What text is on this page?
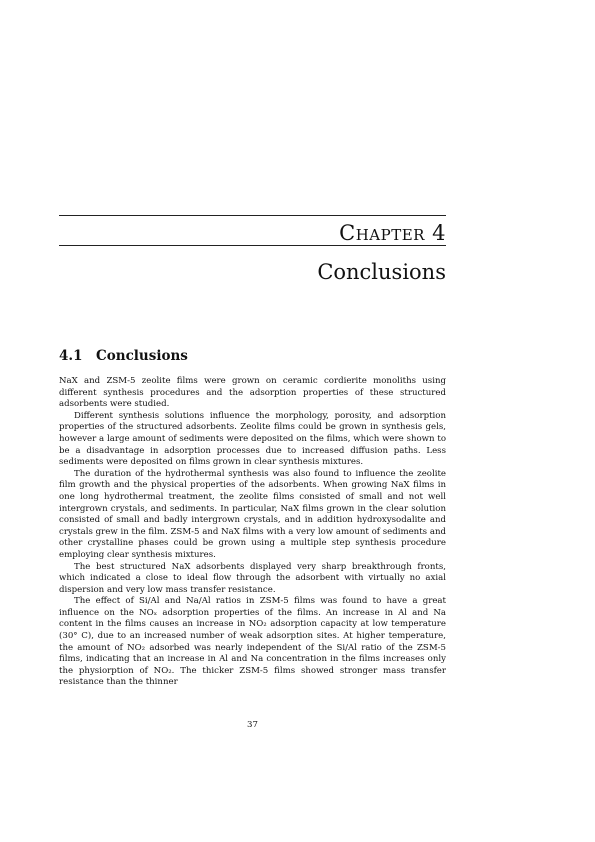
Chapter 4
Conclusions
4.1 Conclusions

NaX and ZSM-5 zeolite films were grown on ceramic cordierite monoliths using different synthesis procedures and the adsorption properties of these structured adsorbents were studied.

Different synthesis solutions influence the morphology, porosity, and adsorption properties of the structured adsorbents. Zeolite films could be grown in synthesis gels, however a large amount of sediments were deposited on the films, which were shown to be a disadvantage in adsorption processes due to increased diffusion paths. Less sediments were deposited on films grown in clear synthesis mixtures.

The duration of the hydrothermal synthesis was also found to influence the zeolite film growth and the physical properties of the adsorbents. When growing NaX films in one long hydrothermal treatment, the zeolite films consisted of small and not well intergrown crystals, and sediments. In particular, NaX films grown in the clear solution consisted of small and badly intergrown crystals, and in addition hydroxysodalite and crystals grew in the film. ZSM-5 and NaX films with a very low amount of sediments and other crystalline phases could be grown using a multiple step synthesis procedure employing clear synthesis mixtures.

The best structured NaX adsorbents displayed very sharp breakthrough fronts, which indicated a close to ideal flow through the adsorbent with virtually no axial dispersion and very low mass transfer resistance.

The effect of Si/Al and Na/Al ratios in ZSM-5 films was found to have a great influence on the NOₓ adsorption properties of the films. An increase in Al and Na content in the films causes an increase in NO₂ adsorption capacity at low temperature (30° C), due to an increased number of weak adsorption sites. At higher temperature, the amount of NO₂ adsorbed was nearly independent of the Si/Al ratio of the ZSM-5 films, indicating that an increase in Al and Na concentration in the films increases only the physiorption of NO₂. The thicker ZSM-5 films showed stronger mass transfer resistance than the thinner

37
